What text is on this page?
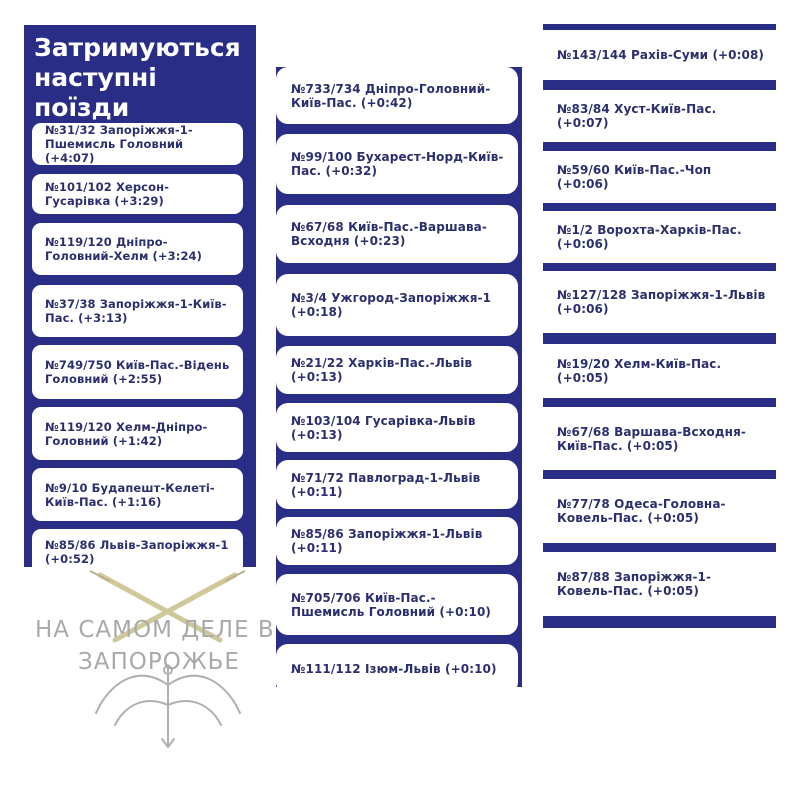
Затримуються наступні поїзди
№31/32 Запоріжжя-1-Пшемисль Головний (+4:07)
№101/102 Херсон-Гусарівка (+3:29)
№119/120 Дніпро-Головний-Хелм (+3:24)
№37/38 Запоріжжя-1-Київ-Пас. (+3:13)
№749/750 Київ-Пас.-Відень Головний (+2:55)
№119/120 Хелм-Дніпро-Головний (+1:42)
№9/10 Будапешт-Келеті-Київ-Пас. (+1:16)
№85/86 Львів-Запоріжжя-1 (+0:52)
№733/734 Дніпро-Головний-Київ-Пас. (+0:42)
№99/100 Бухарест-Норд-Київ-Пас. (+0:32)
№67/68 Київ-Пас.-Варшава-Всходня (+0:23)
№3/4 Ужгород-Запоріжжя-1 (+0:18)
№21/22 Харків-Пас.-Львів (+0:13)
№103/104 Гусарівка-Львів (+0:13)
№71/72 Павлоград-1-Львів (+0:11)
№85/86 Запоріжжя-1-Львів (+0:11)
№705/706 Київ-Пас.-Пшемисль Головний (+0:10)
№111/112 Ізюм-Львів (+0:10)
№143/144 Рахів-Суми (+0:08)
№83/84 Хуст-Київ-Пас. (+0:07)
№59/60 Київ-Пас.-Чоп (+0:06)
№1/2 Ворохта-Харків-Пас. (+0:06)
№127/128 Запоріжжя-1-Львів (+0:06)
№19/20 Хелм-Київ-Пас. (+0:05)
№67/68 Варшава-Всходня-Київ-Пас. (+0:05)
№77/78 Одеса-Головна-Ковель-Пас. (+0:05)
№87/88 Запоріжжя-1-Ковель-Пас. (+0:05)
НА САМОМ ДЕЛЕ В
ЗАПОРОЖЬЕ
